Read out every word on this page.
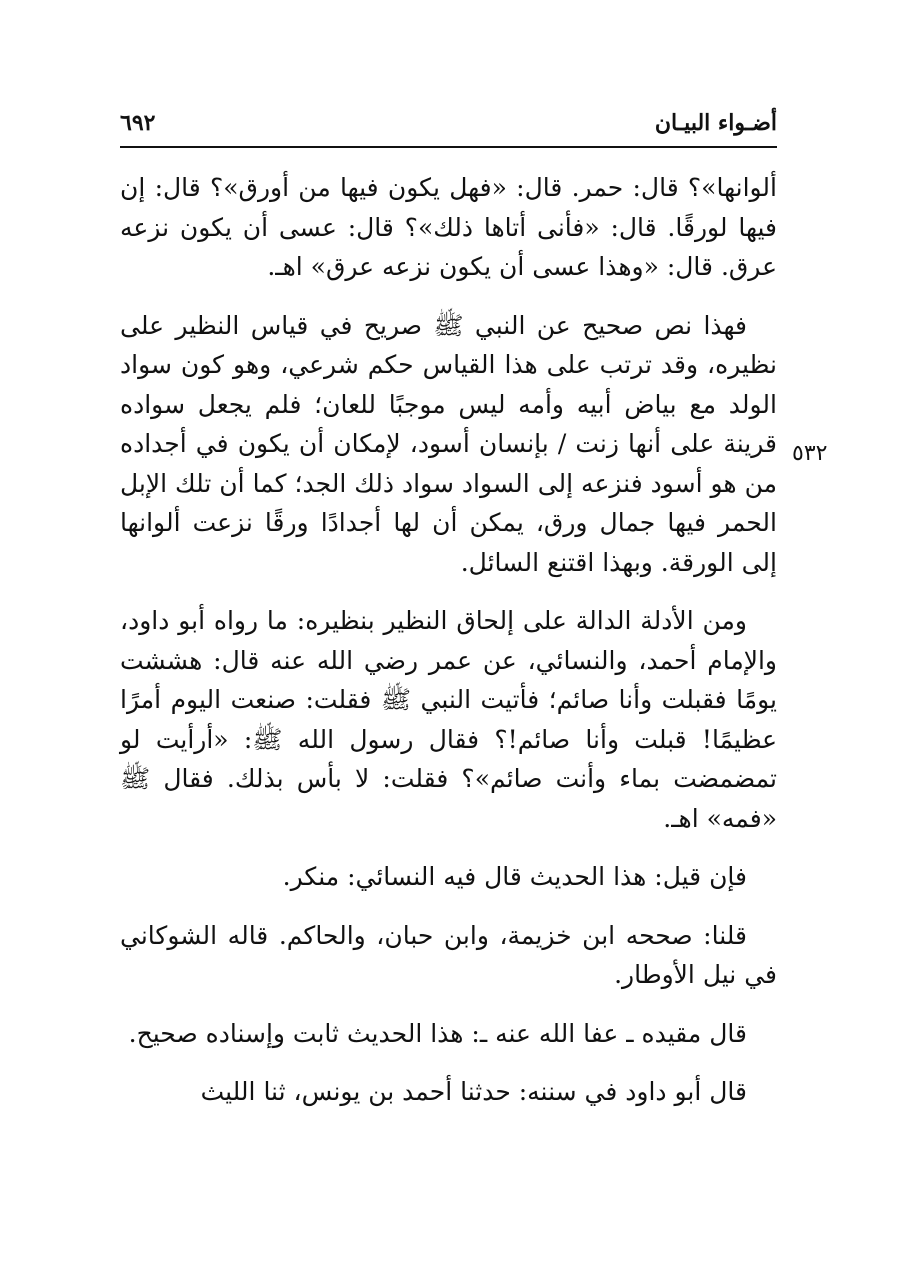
أضـواء البيـان
٦٩٢
٥٣٢

ألوانها»؟ قال: حمر. قال: «فهل يكون فيها من أورق»؟ قال: إن فيها لورقًا. قال: «فأنى أتاها ذلك»؟ قال: عسى أن يكون نزعه عرق. قال: «وهذا عسى أن يكون نزعه عرق» اهـ.

فهذا نص صحيح عن النبي ﷺ صريح في قياس النظير على نظيره، وقد ترتب على هذا القياس حكم شرعي، وهو كون سواد الولد مع بياض أبيه وأمه ليس موجبًا للعان؛ فلم يجعل سواده قرينة على أنها زنت / بإنسان أسود، لإمكان أن يكون في أجداده من هو أسود فنزعه إلى السواد سواد ذلك الجد؛ كما أن تلك الإبل الحمر فيها جمال ورق، يمكن أن لها أجدادًا ورقًا نزعت ألوانها إلى الورقة. وبهذا اقتنع السائل.

ومن الأدلة الدالة على إلحاق النظير بنظيره: ما رواه أبو داود، والإمام أحمد، والنسائي، عن عمر رضي الله عنه قال: هششت يومًا فقبلت وأنا صائم؛ فأتيت النبي ﷺ فقلت: صنعت اليوم أمرًا عظيمًا! قبلت وأنا صائم!؟ فقال رسول الله ﷺ: «أرأيت لو تمضمضت بماء وأنت صائم»؟ فقلت: لا بأس بذلك. فقال ﷺ «فمه» اهـ.

فإن قيل: هذا الحديث قال فيه النسائي: منكر.

قلنا: صححه ابن خزيمة، وابن حبان، والحاكم. قاله الشوكاني في نيل الأوطار.

قال مقيده ـ عفا الله عنه ـ: هذا الحديث ثابت وإسناده صحيح.

قال أبو داود في سننه: حدثنا أحمد بن يونس، ثنا الليث
